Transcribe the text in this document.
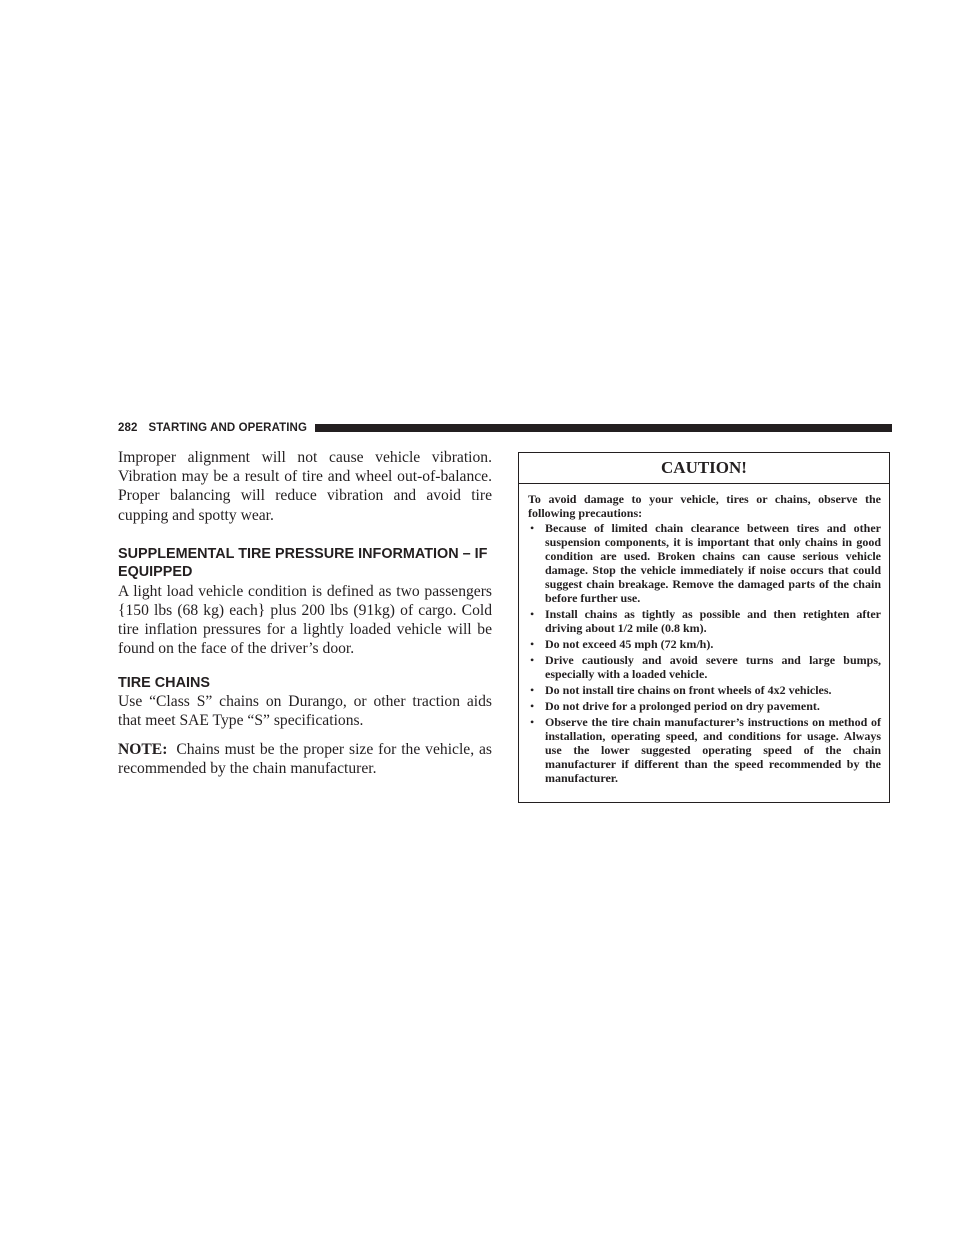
282 STARTING AND OPERATING

Improper alignment will not cause vehicle vibration. Vibration may be a result of tire and wheel out-of-balance. Proper balancing will reduce vibration and avoid tire cupping and spotty wear.

SUPPLEMENTAL TIRE PRESSURE INFORMATION – IF EQUIPPED

A light load vehicle condition is defined as two passengers {150 lbs (68 kg) each} plus 200 lbs (91kg) of cargo. Cold tire inflation pressures for a lightly loaded vehicle will be found on the face of the driver’s door.

TIRE CHAINS

Use “Class S” chains on Durango, or other traction aids that meet SAE Type “S” specifications.

NOTE: Chains must be the proper size for the vehicle, as recommended by the chain manufacturer.

CAUTION!

To avoid damage to your vehicle, tires or chains, observe the following precautions:

• Because of limited chain clearance between tires and other suspension components, it is important that only chains in good condition are used. Broken chains can cause serious vehicle damage. Stop the vehicle immediately if noise occurs that could suggest chain breakage. Remove the damaged parts of the chain before further use.
• Install chains as tightly as possible and then retighten after driving about 1/2 mile (0.8 km).
• Do not exceed 45 mph (72 km/h).
• Drive cautiously and avoid severe turns and large bumps, especially with a loaded vehicle.
• Do not install tire chains on front wheels of 4x2 vehicles.
• Do not drive for a prolonged period on dry pavement.
• Observe the tire chain manufacturer’s instructions on method of installation, operating speed, and conditions for usage. Always use the lower suggested operating speed of the chain manufacturer if different than the speed recommended by the manufacturer.
